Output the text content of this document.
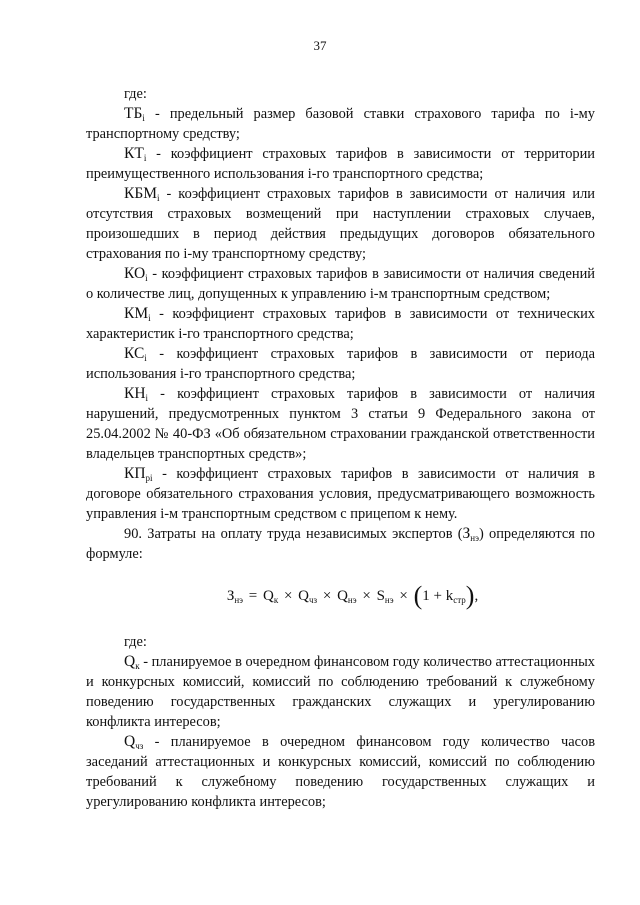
37

где:

$ТБ_i$ - предельный размер базовой ставки страхового тарифа по i-му транспортному средству;

$КТ_i$ - коэффициент страховых тарифов в зависимости от территории преимущественного использования i-го транспортного средства;

$КБМ_i$ - коэффициент страховых тарифов в зависимости от наличия или отсутствия страховых возмещений при наступлении страховых случаев, произошедших в период действия предыдущих договоров обязательного страхования по i-му транспортному средству;

$КО_i$ - коэффициент страховых тарифов в зависимости от наличия сведений о количестве лиц, допущенных к управлению i-м транспортным средством;

$КМ_i$ - коэффициент страховых тарифов в зависимости от технических характеристик i-го транспортного средства;

$КС_i$ - коэффициент страховых тарифов в зависимости от периода использования i-го транспортного средства;

$КН_i$ - коэффициент страховых тарифов в зависимости от наличия нарушений, предусмотренных пунктом 3 статьи 9 Федерального закона от 25.04.2002 № 40-ФЗ «Об обязательном страховании гражданской ответственности владельцев транспортных средств»;

$КП_{рi}$ - коэффициент страховых тарифов в зависимости от наличия в договоре обязательного страхования условия, предусматривающего возможность управления i-м транспортным средством с прицепом к нему.

90. Затраты на оплату труда независимых экспертов $(З_{нэ})$ определяются по формуле:

$З_{нэ} = Q_к \times Q_{чз} \times Q_{нэ} \times S_{нэ} \times (1 + k_{стр})$,

где:

$Q_к$ - планируемое в очередном финансовом году количество аттестационных и конкурсных комиссий, комиссий по соблюдению требований к служебному поведению государственных гражданских служащих и урегулированию конфликта интересов;

$Q_{чз}$ - планируемое в очередном финансовом году количество часов заседаний аттестационных и конкурсных комиссий, комиссий по соблюдению требований к служебному поведению государственных служащих и урегулированию конфликта интересов;
